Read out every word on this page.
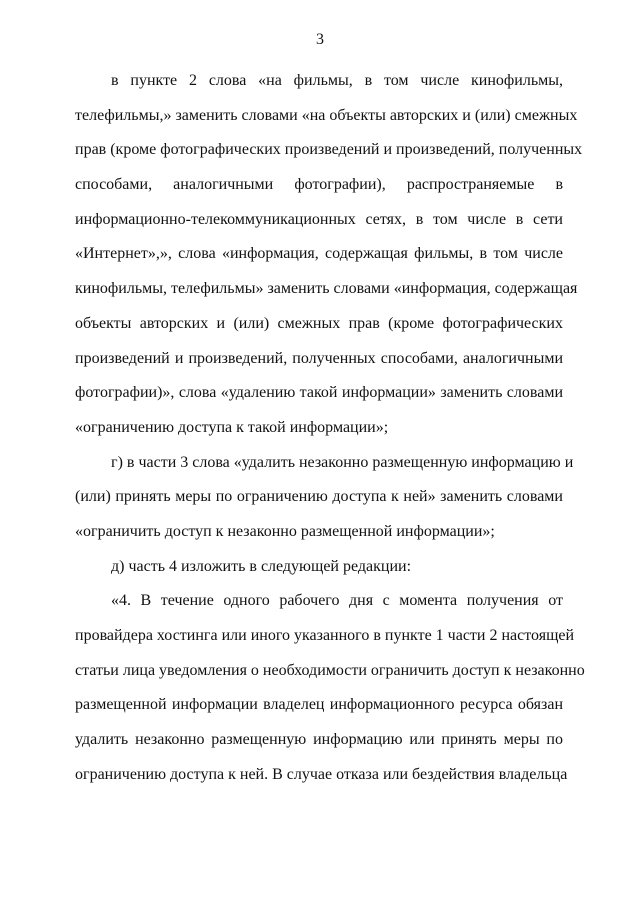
3
в пункте 2 слова «на фильмы, в том числе кинофильмы,
телефильмы,» заменить словами «на объекты авторских и (или) смежных
прав (кроме фотографических произведений и произведений, полученных
способами, аналогичными фотографии), распространяемые в
информационно-телекоммуникационных сетях, в том числе в сети
«Интернет»,», слова «информация, содержащая фильмы, в том числе
кинофильмы, телефильмы» заменить словами «информация, содержащая
объекты авторских и (или) смежных прав (кроме фотографических
произведений и произведений, полученных способами, аналогичными
фотографии)», слова «удалению такой информации» заменить словами
«ограничению доступа к такой информации»;
г) в части 3 слова «удалить незаконно размещенную информацию и
(или) принять меры по ограничению доступа к ней» заменить словами
«ограничить доступ к незаконно размещенной информации»;
д) часть 4 изложить в следующей редакции:
«4. В течение одного рабочего дня с момента получения от
провайдера хостинга или иного указанного в пункте 1 части 2 настоящей
статьи лица уведомления о необходимости ограничить доступ к незаконно
размещенной информации владелец информационного ресурса обязан
удалить незаконно размещенную информацию или принять меры по
ограничению доступа к ней. В случае отказа или бездействия владельца
